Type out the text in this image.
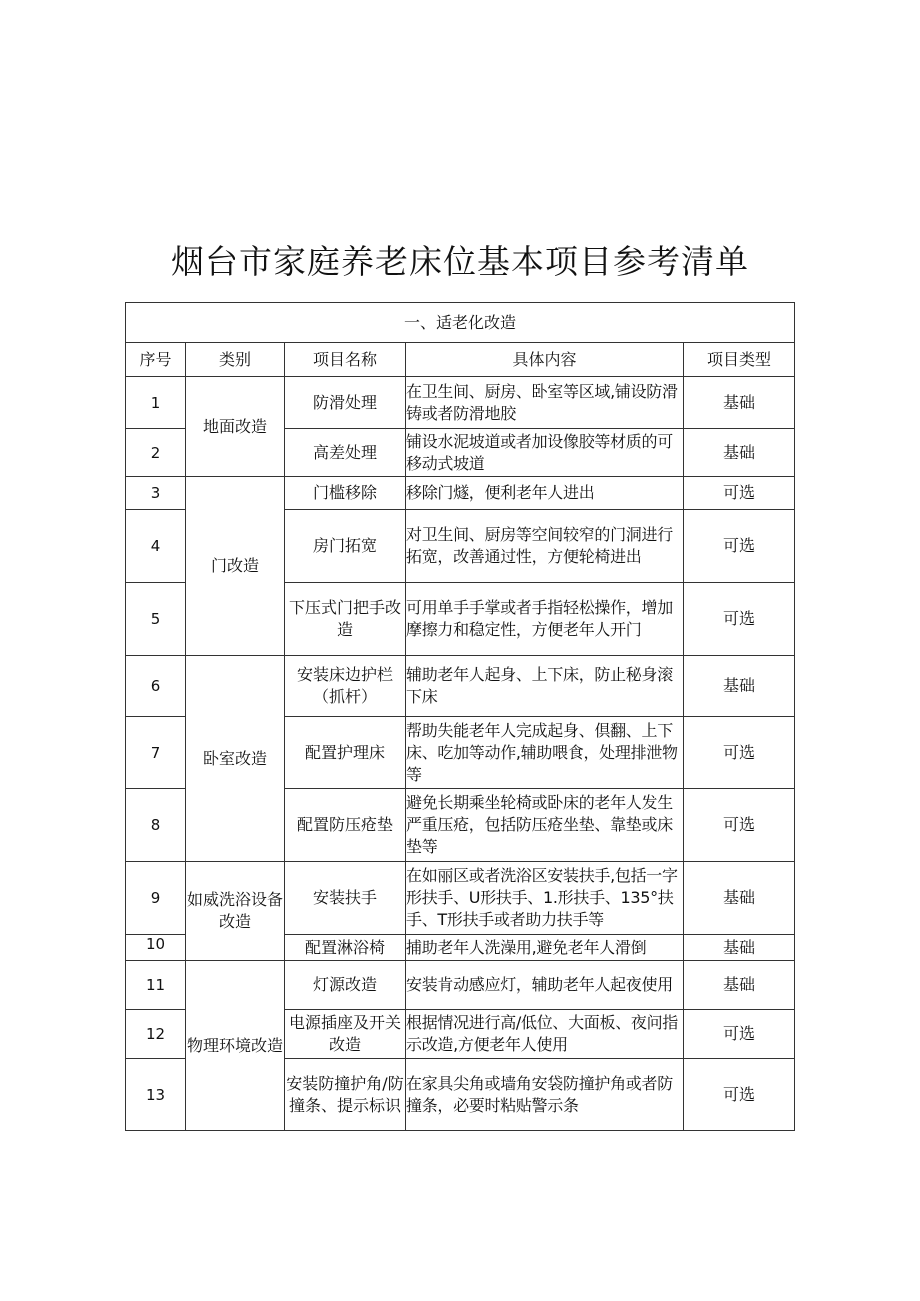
烟台市家庭养老床位基本项目参考清单
一、适老化改造				
序号	类别	项目名称	具体内容	项目类型
1	地面改造	防滑处理	在卫生间、厨房、卧室等区域,铺设防滑铸或者防滑地胶	基础
2		高差处理	铺设水泥坡道或者加设像胶等材质的可移动式坡道	基础
3	门改造	门槛移除	移除门燧，便利老年人进出	可选
4		房门拓宽	对卫生间、厨房等空间较窄的门洞进行拓宽，改善通过性，方便轮椅进出	可选
5		下压式门把手改造	可用单手手掌或者手指轻松操作，增加摩擦力和稳定性，方便老年人开门	可选
6	卧室改造	安装床边护栏（抓杆）	辅助老年人起身、上下床，防止秘身滚下床	基础
7		配置护理床	帮助失能老年人完成起身、倶翻、上下床、吃加等动作,辅助喂食，处理排泄物等	可选
8		配置防压疮垫	避免长期乘坐轮椅或卧床的老年人发生严重压疮，包括防压疮坐垫、靠垫或床垫等	可选
9	如威洗浴设备改造	安装扶手	在如丽区或者洗浴区安装扶手,包括一字形扶手、U形扶手、1.形扶手、135°扶手、T形扶手或者助力扶手等	基础
10		配置淋浴椅	捕助老年人洗澡用,避免老年人滑倒	基础
11	物理环境改造	灯源改造	安装肯动感应灯，辅助老年人起夜使用	基础
12		电源插座及开关改造	根据情况进行高/低位、大面板、夜问指示改造,方便老年人使用	可选
13		安装防撞护角/防撞条、提示标识	在家具尖角或墙角安袋防撞护角或者防撞条，必要时粘贴警示条	可选
